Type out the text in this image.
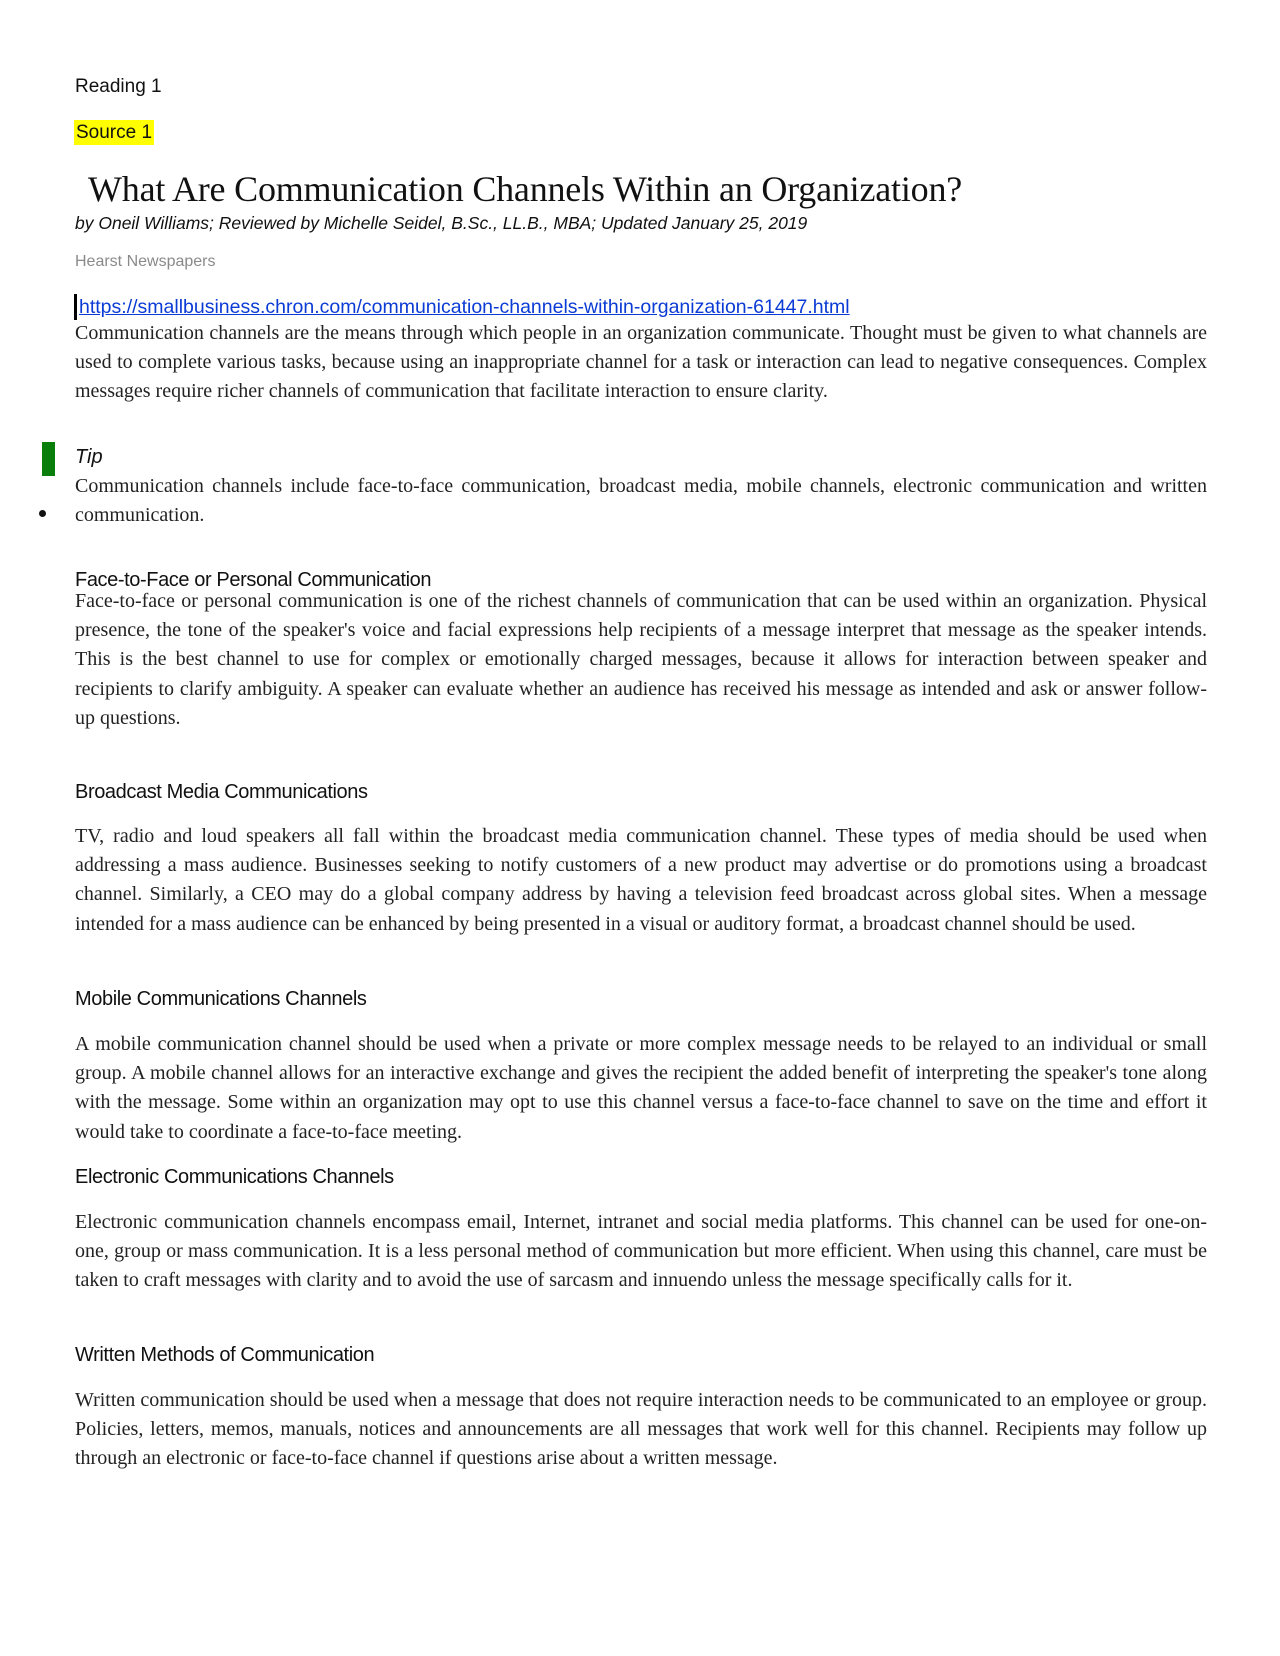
Reading 1
Source 1
What Are Communication Channels Within an Organization?
by Oneil Williams; Reviewed by Michelle Seidel, B.Sc., LL.B., MBA; Updated January 25, 2019
Hearst Newspapers
https://smallbusiness.chron.com/communication-channels-within-organization-61447.html

Communication channels are the means through which people in an organization communicate. Thought must be given to what channels are used to complete various tasks, because using an inappropriate channel for a task or interaction can lead to negative consequences. Complex messages require richer channels of communication that facilitate interaction to ensure clarity.

Tip

Communication channels include face-to-face communication, broadcast media, mobile channels, electronic communication and written communication.

Face-to-Face or Personal Communication

Face-to-face or personal communication is one of the richest channels of communication that can be used within an organization. Physical presence, the tone of the speaker's voice and facial expressions help recipients of a message interpret that message as the speaker intends. This is the best channel to use for complex or emotionally charged messages, because it allows for interaction between speaker and recipients to clarify ambiguity. A speaker can evaluate whether an audience has received his message as intended and ask or answer follow-up questions.

Broadcast Media Communications

TV, radio and loud speakers all fall within the broadcast media communication channel. These types of media should be used when addressing a mass audience. Businesses seeking to notify customers of a new product may advertise or do promotions using a broadcast channel. Similarly, a CEO may do a global company address by having a television feed broadcast across global sites. When a message intended for a mass audience can be enhanced by being presented in a visual or auditory format, a broadcast channel should be used.

Mobile Communications Channels

A mobile communication channel should be used when a private or more complex message needs to be relayed to an individual or small group. A mobile channel allows for an interactive exchange and gives the recipient the added benefit of interpreting the speaker's tone along with the message. Some within an organization may opt to use this channel versus a face-to-face channel to save on the time and effort it would take to coordinate a face-to-face meeting.

Electronic Communications Channels

Electronic communication channels encompass email, Internet, intranet and social media platforms. This channel can be used for one-on-one, group or mass communication. It is a less personal method of communication but more efficient. When using this channel, care must be taken to craft messages with clarity and to avoid the use of sarcasm and innuendo unless the message specifically calls for it.

Written Methods of Communication

Written communication should be used when a message that does not require interaction needs to be communicated to an employee or group. Policies, letters, memos, manuals, notices and announcements are all messages that work well for this channel. Recipients may follow up through an electronic or face-to-face channel if questions arise about a written message.
